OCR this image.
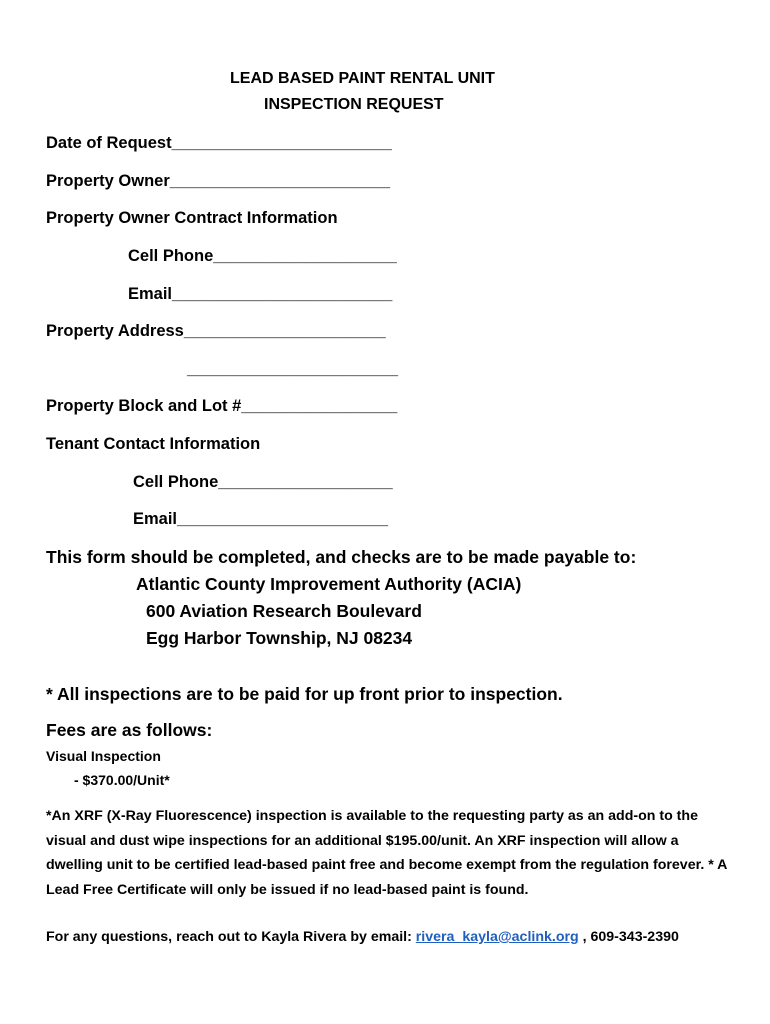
LEAD BASED PAINT RENTAL UNIT
INSPECTION REQUEST
Date of Request________________________
Property Owner________________________
Property Owner Contract Information
Cell Phone____________________
Email________________________
Property Address______________________
_______________________
Property Block and Lot #_________________
Tenant Contact Information
Cell Phone___________________
Email_______________________
This form should be completed, and checks are to be made payable to:
Atlantic County Improvement Authority (ACIA)
600 Aviation Research Boulevard
Egg Harbor Township, NJ 08234
* All inspections are to be paid for up front prior to inspection.
Fees are as follows:
Visual Inspection
- $370.00/Unit*
*An XRF (X-Ray Fluorescence) inspection is available to the requesting party as an add-on to the visual and dust wipe inspections for an additional $195.00/unit. An XRF inspection will allow a dwelling unit to be certified lead-based paint free and become exempt from the regulation forever. * A Lead Free Certificate will only be issued if no lead-based paint is found.
For any questions, reach out to Kayla Rivera by email: rivera_kayla@aclink.org , 609-343-2390
